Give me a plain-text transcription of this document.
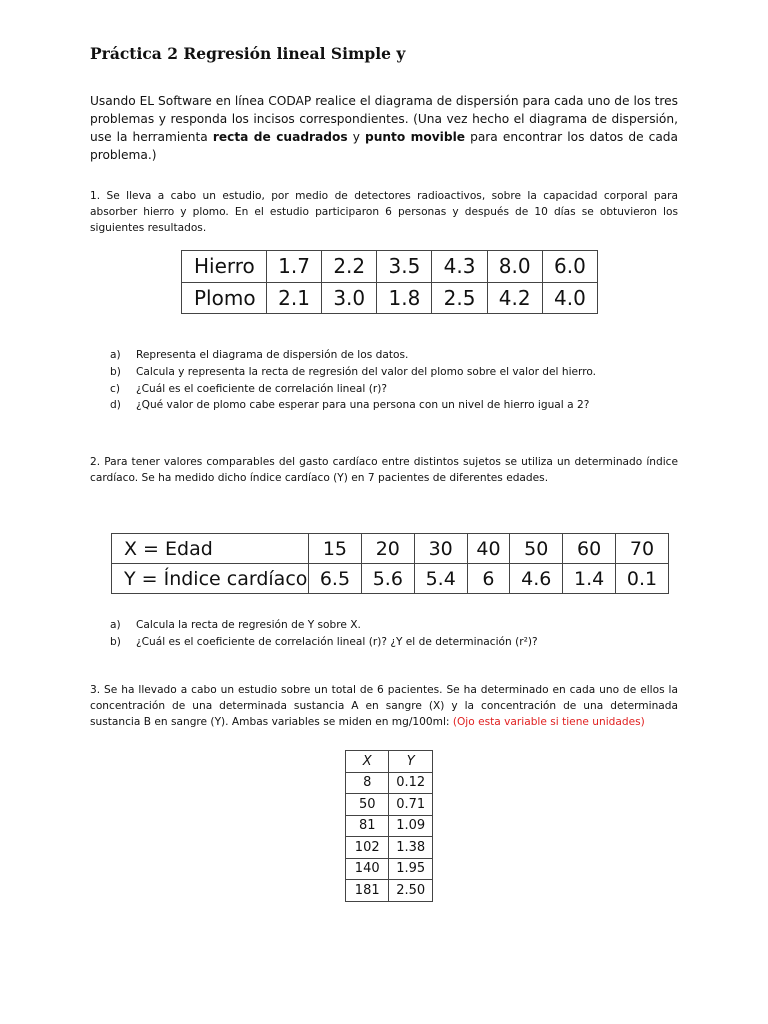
Práctica 2 Regresión lineal Simple y
Usando EL Software en línea CODAP realice el diagrama de dispersión para cada uno de los tres problemas y responda los incisos correspondientes. (Una vez hecho el diagrama de dispersión, use la herramienta recta de cuadrados y punto movible para encontrar los datos de cada problema.)
1. Se lleva a cabo un estudio, por medio de detectores radioactivos, sobre la capacidad corporal para absorber hierro y plomo. En el estudio participaron 6 personas y después de 10 días se obtuvieron los siguientes resultados.
Hierro	1.7	2.2	3.5	4.3	8.0	6.0
Plomo	2.1	3.0	1.8	2.5	4.2	4.0
a) Representa el diagrama de dispersión de los datos.
b) Calcula y representa la recta de regresión del valor del plomo sobre el valor del hierro.
c) ¿Cuál es el coeficiente de correlación lineal (r)?
d) ¿Qué valor de plomo cabe esperar para una persona con un nivel de hierro igual a 2?
2. Para tener valores comparables del gasto cardíaco entre distintos sujetos se utiliza un determinado índice cardíaco. Se ha medido dicho índice cardíaco (Y) en 7 pacientes de diferentes edades.
X = Edad	15	20	30	40	50	60	70
Y = Índice cardíaco	6.5	5.6	5.4	6	4.6	1.4	0.1
a) Calcula la recta de regresión de Y sobre X.
b) ¿Cuál es el coeficiente de correlación lineal (r)? ¿Y el de determinación (r²)?
3. Se ha llevado a cabo un estudio sobre un total de 6 pacientes. Se ha determinado en cada uno de ellos la concentración de una determinada sustancia A en sangre (X) y la concentración de una determinada sustancia B en sangre (Y). Ambas variables se miden en mg/100ml: (Ojo esta variable si tiene unidades)
X	Y
8	0.12
50	0.71
81	1.09
102	1.38
140	1.95
181	2.50
